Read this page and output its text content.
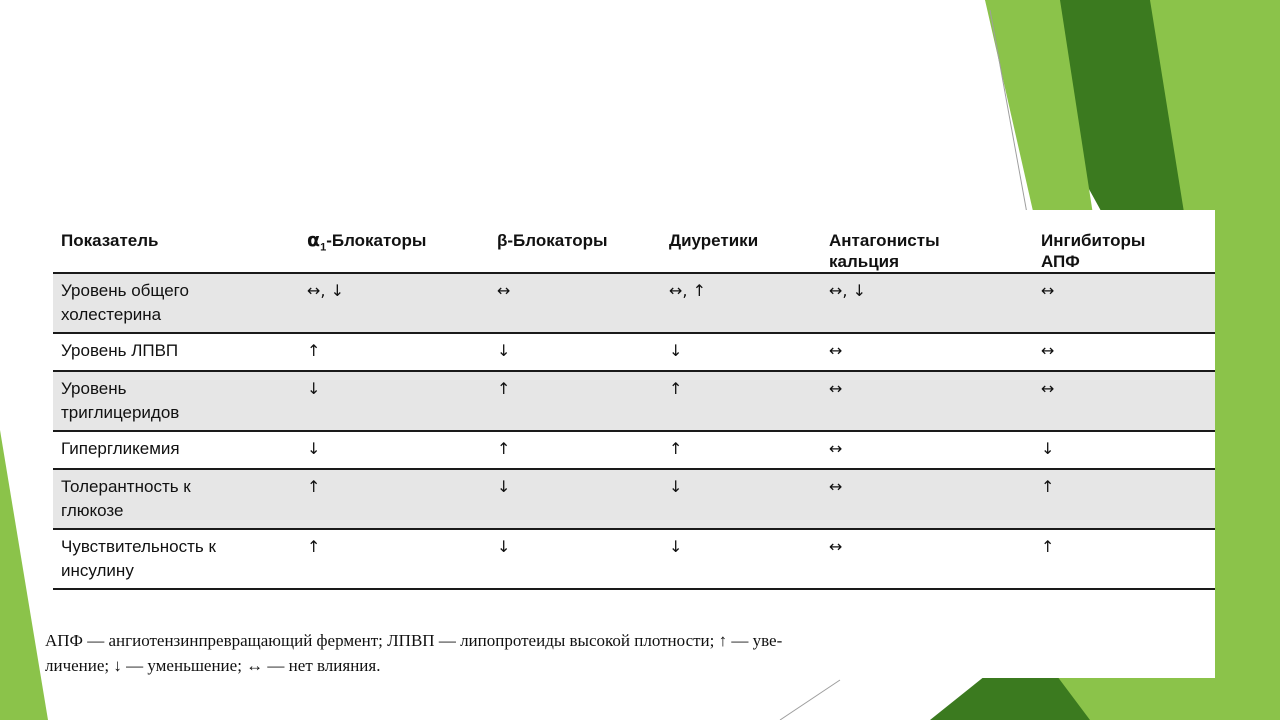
Показатель	$\alpha_1$-Блокаторы	β-Блокаторы	Диуретики	Антагонисты кальция	Ингибиторы АПФ
Уровень общего холестерина	↔, ↓	↔	↔, ↑	↔, ↓	↔
Уровень ЛПВП	↑	↓	↓	↔	↔
Уровень триглицеридов	↓	↑	↑	↔	↔
Гипергликемия	↓	↑	↑	↔	↓
Толерантность к глюкозе	↑	↓	↓	↔	↑
Чувствительность к инсулину	↑	↓	↓	↔	↑

АПФ — ангиотензинпревращающий фермент; ЛПВП — липопротеиды высокой плотности; ↑ — уве-

личение; ↓ — уменьшение; ↔ — нет влияния.
